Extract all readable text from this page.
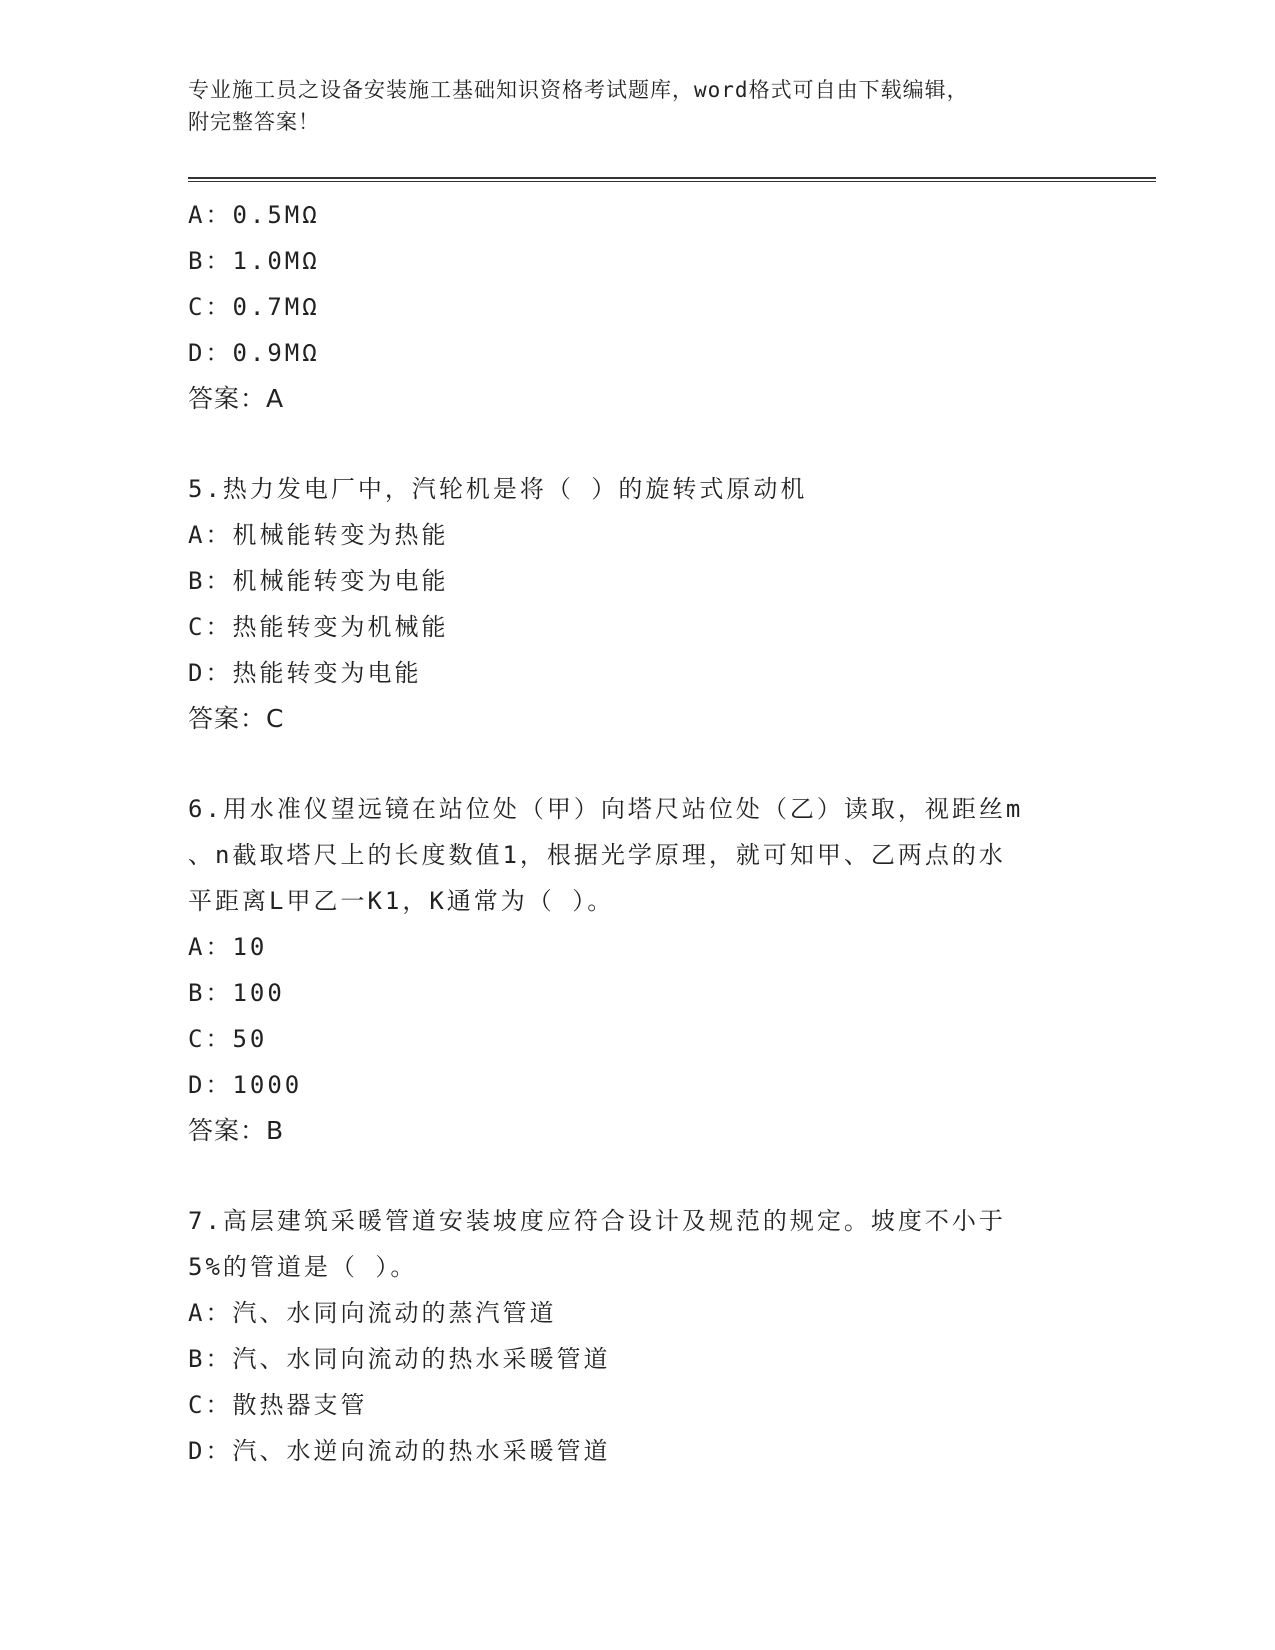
专业施工员之设备安装施工基础知识资格考试题库，word格式可自由下载编辑，
附完整答案！
A：0.5MΩ
B：1.0MΩ
C：0.7MΩ
D：0.9MΩ
答案：A
5.热力发电厂中，汽轮机是将（ ）的旋转式原动机
A：机械能转变为热能
B：机械能转变为电能
C：热能转变为机械能
D：热能转变为电能
答案：C
6.用水准仪望远镜在站位处（甲）向塔尺站位处（乙）读取，视距丝m
、n截取塔尺上的长度数值1，根据光学原理，就可知甲、乙两点的水
平距离L甲乙一K1，K通常为（ ）。
A：10
B：100
C：50
D：1000
答案：B
7.高层建筑采暖管道安装坡度应符合设计及规范的规定。坡度不小于
5%的管道是（ ）。
A：汽、水同向流动的蒸汽管道
B：汽、水同向流动的热水采暖管道
C：散热器支管
D：汽、水逆向流动的热水采暖管道
